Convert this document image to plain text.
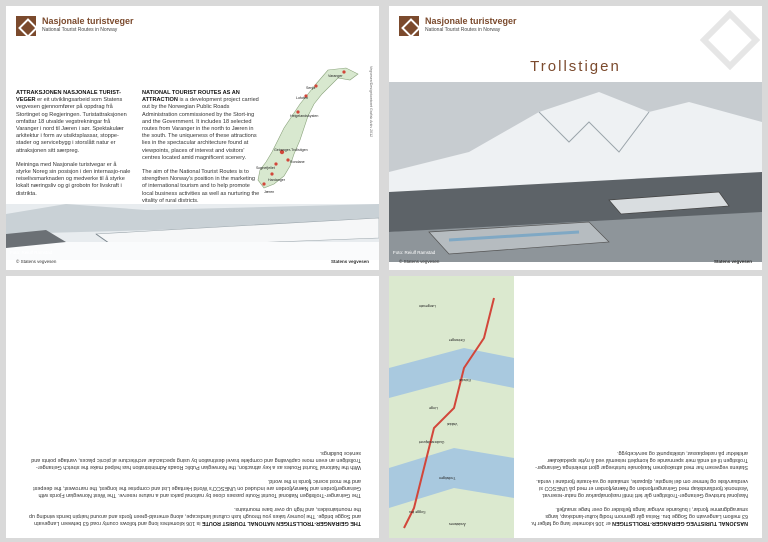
Nasjonale turistveger
National Tourist Routes in Norway

ATTRAKSJONEN NASJONALE TURIST-VEGER er eit utviklingsarbeid som Statens vegvesen gjennomfører på oppdrag frå Stortinget og Regjeringen. Turistattraksjonen omfattar 18 utvalde vegstrekningar frå Varanger i nord til Jæren i sør. Spektakulær arkitektur i form av utsiktsplassar, stoppe-stader og servicebygg i storslått natur er attraksjonen sitt særpreg.

Meininga med Nasjonale turistvegar er å styrke Noreg sin posisjon i den internasjo-nale reiselivsmarknaden og medverke til å styrke lokalt næringsliv og gi grobotn for livskraft i distrikta.

NATIONAL TOURIST ROUTES AS AN ATTRACTION is a development project carried out by the Norwegian Public Roads Administration commissioned by the Stort-ing and the Government. It includes 18 selected routes from Varanger in the north to Jæren in the south. The uniqueness of these attractions lies in the spectacular architecture found at viewpoints, places of interest and visitors' centres located amid magnificent scenery.

The aim of the National Tourist Routes is to strengthen Norway's position in the marketing of international tourism and to help promote local business activities as well as nurturing the vitality of rural districts.

Varanger
Senja
Lofoten
Helgelandskysten
Geiranger-Trollstigen
Rondane
Sognefjellet
Hardanger
Jæren
Vegvesen/Designkontoret Grafisk Arkiv 2012
Foto: Reiulf Ramstad
© Statens vegvesen	Statens vegvesen
Nasjonale turistveger
National Tourist Routes in Norway
Trollstigen
Foto: Reiulf Ramstad
© Statens vegvesen	Statens vegvesen

THE GEIRANGER-TROLLSTIGEN NATIONAL TOURIST ROUTE is 106 kilometres long and follows county road 63 between Langevatn and Sogge bridge. The journey takes you through lush cultural landscape, along emerald-green fjords and around hairpin bends winding up the mountainsides, and high up over bare mountains.

The Geiranger-Trollstigen National Tourist Route passes close by national parks and a nature reserve. The West Norwegian Fjords with Geirangerfjorden and Nærøyfjorden are included on UNESCO's World Heritage List and comprise the longest, the narrowest, the deepest and the most scenic fjords in the world.

With the National Tourist Routes as a key attraction, the Norwegian Public Roads Administration has helped make the stretch Geiranger-Trollstigen an even more captivating and complete travel destination by using spectacular architecture at picnic places, vantage points and service buildings.

NASJONAL TURISTVEG GEIRANGER-TROLLSTIGEN er 106 kilometer lang og følger fv. 63 mellom Langevatn og Sogge bru. Reisa går gjennom frodig kultur-landskap, langs smaragdgrønne fjordar, i bulkande svingar langs fjellsider og over høge snaufjell.

Nasjonal turistveg Geiranger-Trollstigen går tett inntil nasjonalparkar og natur-reservat. Vestnorsk fjordlandskap med Geirangerfjorden og Nærøyfjorden er med på UNESCO si verdsarvliste og femner om dei lengste, djupaste, smalaste og va-kraste fjordane i verda.

Statens vegvesen har med attraksjonen Nasjonale turistvegar gjort strekninga Geiranger-Trollstigen til eit endå meir spennande og komplett reisemål ved å nytte spektakulær arkitektur på rasteplassar, utsiktspunkt og servicebygg.

Langevatn
Geiranger
Eidsdal
Linge
Valldal
Gudbrandsjuvet
Trollstigen
Sogge bru
Åndalsnes
